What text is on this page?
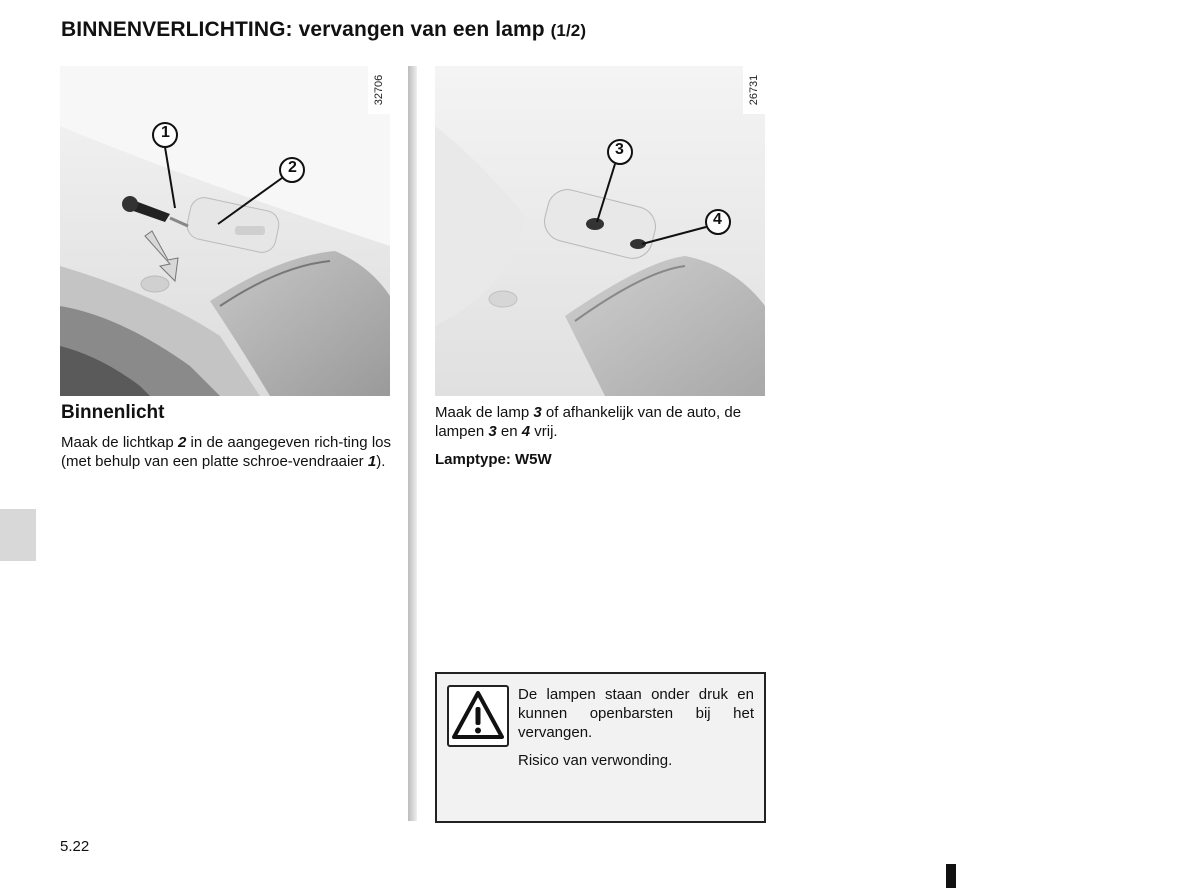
BINNENVERLICHTING: vervangen van een lamp (1/2)
1
2
32706
3
4
26731
Binnenlicht
Maak de lichtkap 2 in de aangegeven rich-ting los (met behulp van een platte schroe-vendraaier 1).
Maak de lamp 3 of afhankelijk van de auto, de lampen 3 en 4 vrij.
Lamptype: W5W

De lampen staan onder druk en kunnen openbarsten bij het vervangen.

Risico van verwonding.

5.22
